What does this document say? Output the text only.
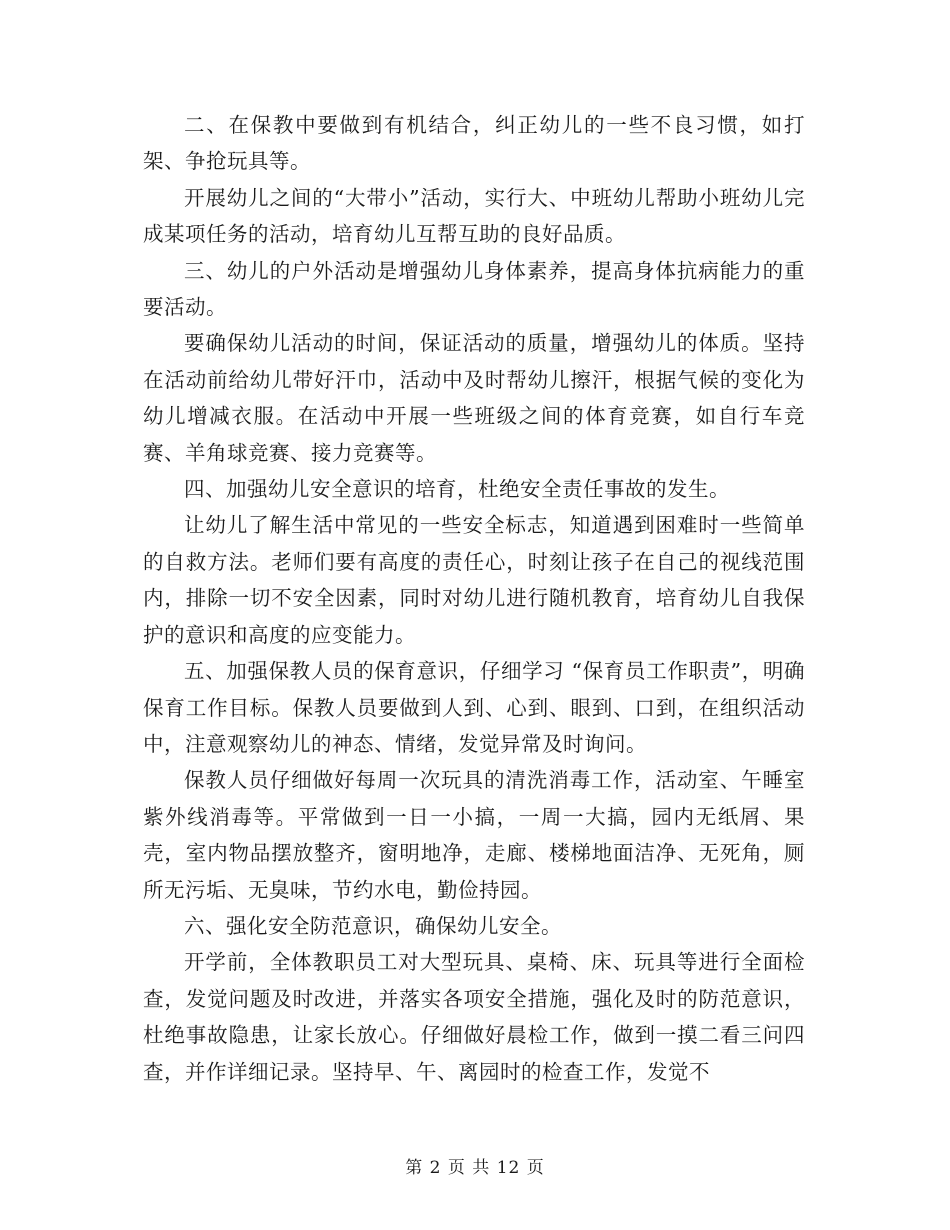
二、在保教中要做到有机结合，纠正幼儿的一些不良习惯，如打架、争抢玩具等。

开展幼儿之间的“大带小”活动，实行大、中班幼儿帮助小班幼儿完成某项任务的活动，培育幼儿互帮互助的良好品质。

三、幼儿的户外活动是增强幼儿身体素养，提高身体抗病能力的重要活动。

要确保幼儿活动的时间，保证活动的质量，增强幼儿的体质。坚持在活动前给幼儿带好汗巾，活动中及时帮幼儿擦汗，根据气候的变化为幼儿增减衣服。在活动中开展一些班级之间的体育竞赛，如自行车竞赛、羊角球竞赛、接力竞赛等。

四、加强幼儿安全意识的培育，杜绝安全责任事故的发生。

让幼儿了解生活中常见的一些安全标志，知道遇到困难时一些简单的自救方法。老师们要有高度的责任心，时刻让孩子在自己的视线范围内，排除一切不安全因素，同时对幼儿进行随机教育，培育幼儿自我保护的意识和高度的应变能力。

五、加强保教人员的保育意识，仔细学习 “保育员工作职责”，明确保育工作目标。保教人员要做到人到、心到、眼到、口到，在组织活动中，注意观察幼儿的神态、情绪，发觉异常及时询问。

保教人员仔细做好每周一次玩具的清洗消毒工作，活动室、午睡室紫外线消毒等。平常做到一日一小搞，一周一大搞，园内无纸屑、果壳，室内物品摆放整齐，窗明地净，走廊、楼梯地面洁净、无死角，厕所无污垢、无臭味，节约水电，勤俭持园。

六、强化安全防范意识，确保幼儿安全。

开学前，全体教职员工对大型玩具、桌椅、床、玩具等进行全面检查，发觉问题及时改进，并落实各项安全措施，强化及时的防范意识，杜绝事故隐患，让家长放心。仔细做好晨检工作，做到一摸二看三问四查，并作详细记录。坚持早、午、离园时的检查工作，发觉不

第 2 页 共 12 页
